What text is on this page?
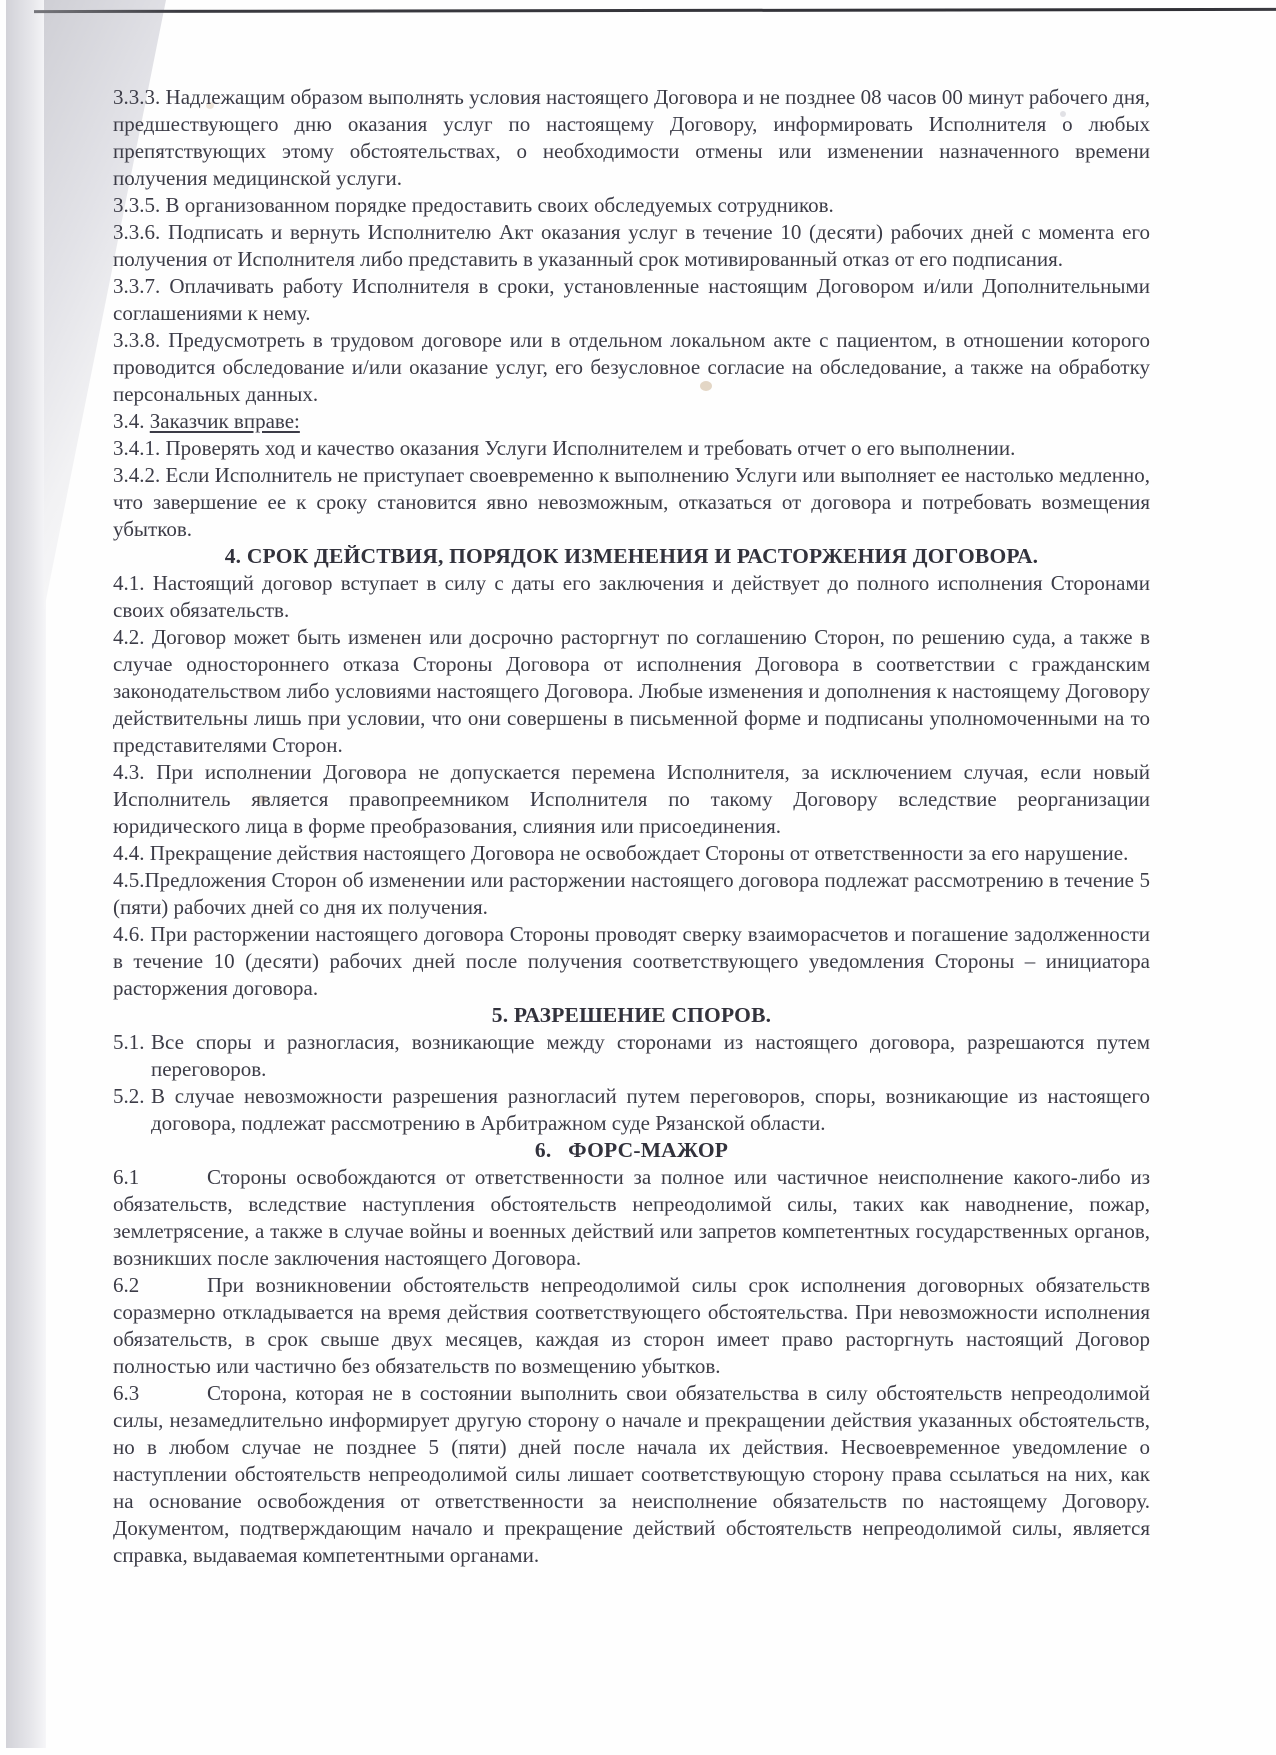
3.3.3. Надлежащим образом выполнять условия настоящего Договора и не позднее 08 часов 00 минут рабочего дня, предшествующего дню оказания услуг по настоящему Договору, информировать Исполнителя о любых препятствующих этому обстоятельствах, о необходимости отмены или изменении назначенного времени получения медицинской услуги.

3.3.5. В организованном порядке предоставить своих обследуемых сотрудников.

3.3.6. Подписать и вернуть Исполнителю Акт оказания услуг в течение 10 (десяти) рабочих дней с момента его получения от Исполнителя либо представить в указанный срок мотивированный отказ от его подписания.

3.3.7. Оплачивать работу Исполнителя в сроки, установленные настоящим Договором и/или Дополнительными соглашениями к нему.

3.3.8. Предусмотреть в трудовом договоре или в отдельном локальном акте с пациентом, в отношении которого проводится обследование и/или оказание услуг, его безусловное согласие на обследование, а также на обработку персональных данных.

3.4. Заказчик вправе:

3.4.1. Проверять ход и качество оказания Услуги Исполнителем и требовать отчет о его выполнении.

3.4.2. Если Исполнитель не приступает своевременно к выполнению Услуги или выполняет ее настолько медленно, что завершение ее к сроку становится явно невозможным, отказаться от договора и потребовать возмещения убытков.

4. СРОК ДЕЙСТВИЯ, ПОРЯДОК ИЗМЕНЕНИЯ И РАСТОРЖЕНИЯ ДОГОВОРА.

4.1. Настоящий договор вступает в силу с даты его заключения и действует до полного исполнения Сторонами своих обязательств.

4.2. Договор может быть изменен или досрочно расторгнут по соглашению Сторон, по решению суда, а также в случае одностороннего отказа Стороны Договора от исполнения Договора в соответствии с гражданским законодательством либо условиями настоящего Договора. Любые изменения и дополнения к настоящему Договору действительны лишь при условии, что они совершены в письменной форме и подписаны уполномоченными на то представителями Сторон.

4.3. При исполнении Договора не допускается перемена Исполнителя, за исключением случая, если новый Исполнитель является правопреемником Исполнителя по такому Договору вследствие реорганизации юридического лица в форме преобразования, слияния или присоединения.

4.4. Прекращение действия настоящего Договора не освобождает Стороны от ответственности за его нарушение.

4.5.Предложения Сторон об изменении или расторжении настоящего договора подлежат рассмотрению в течение 5 (пяти) рабочих дней со дня их получения.

4.6. При расторжении настоящего договора Стороны проводят сверку взаиморасчетов и погашение задолженности в течение 10 (десяти) рабочих дней после получения соответствующего уведомления Стороны – инициатора расторжения договора.

5. РАЗРЕШЕНИЕ СПОРОВ.

5.1. Все споры и разногласия, возникающие между сторонами из настоящего договора, разрешаются путем переговоров.

5.2. В случае невозможности разрешения разногласий путем переговоров, споры, возникающие из настоящего договора, подлежат рассмотрению в Арбитражном суде Рязанской области.

6.   ФОРС-МАЖОР

6.1	Стороны освобождаются от ответственности за полное или частичное неисполнение какого-либо из обязательств, вследствие наступления обстоятельств непреодолимой силы, таких как наводнение, пожар, землетрясение, а также в случае войны и военных действий или запретов компетентных государственных органов, возникших после заключения настоящего Договора.

6.2	При возникновении обстоятельств непреодолимой силы срок исполнения договорных обязательств соразмерно откладывается на время действия соответствующего обстоятельства. При невозможности исполнения обязательств, в срок свыше двух месяцев, каждая из сторон имеет право расторгнуть настоящий Договор полностью или частично без обязательств по возмещению убытков.

6.3	Сторона, которая не в состоянии выполнить свои обязательства в силу обстоятельств непреодолимой силы, незамедлительно информирует другую сторону о начале и прекращении действия указанных обстоятельств, но в любом случае не позднее 5 (пяти) дней после начала их действия. Несвоевременное уведомление о наступлении обстоятельств непреодолимой силы лишает соответствующую сторону права ссылаться на них, как на основание освобождения от ответственности за неисполнение обязательств по настоящему Договору. Документом, подтверждающим начало и прекращение действий обстоятельств непреодолимой силы, является справка, выдаваемая компетентными органами.
